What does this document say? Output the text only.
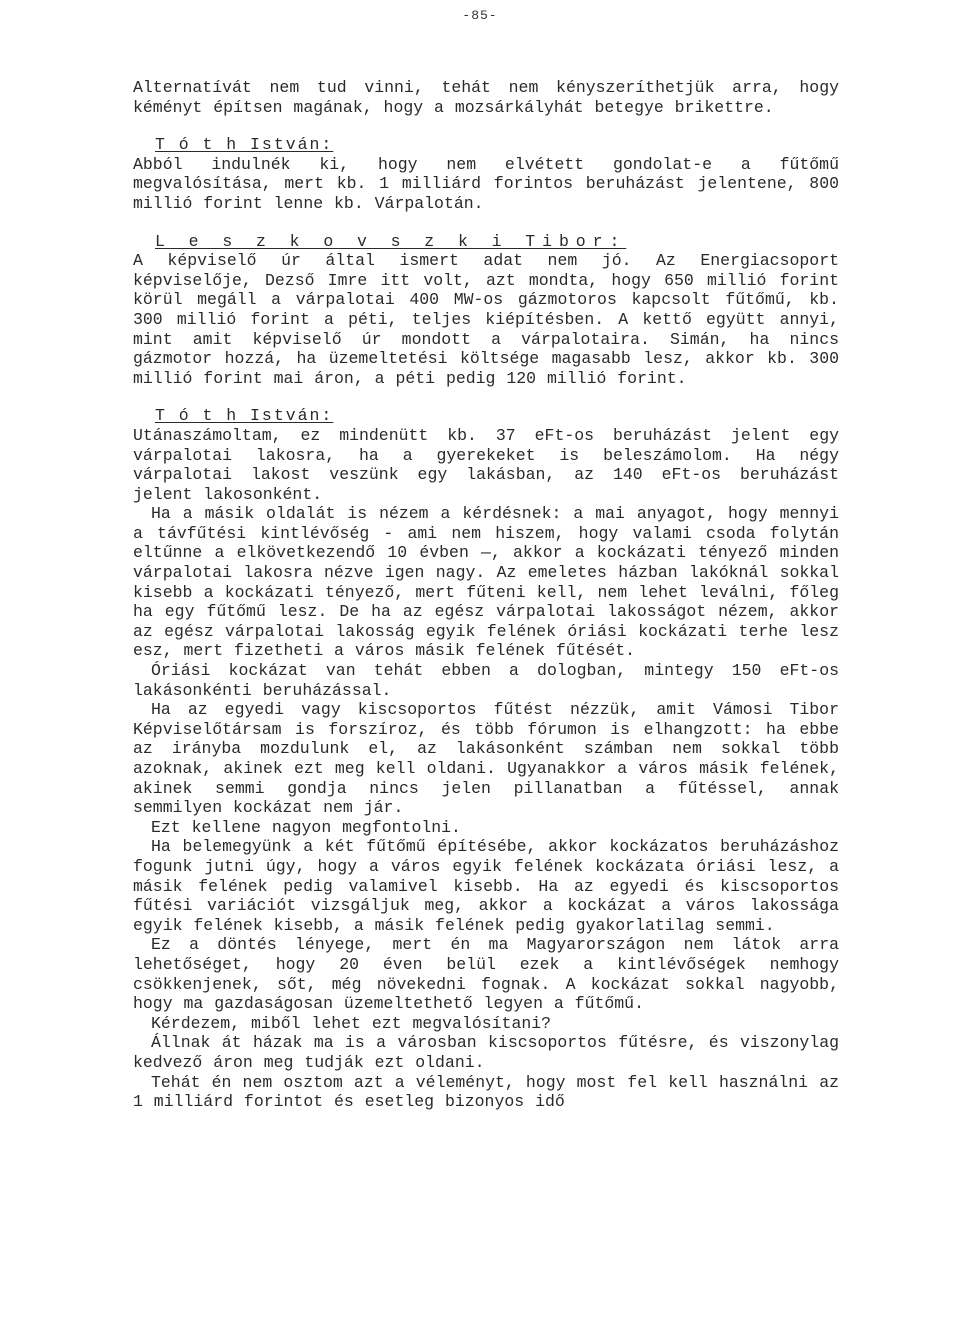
-85-

Alternatívát nem tud vinni, tehát nem kényszeríthetjük arra, hogy kéményt építsen magának, hogy a mozsárkályhát betegye brikettre.

T ó t h István:

Abból indulnék ki, hogy nem elvétett gondolat-e a fűtőmű megvalósítása, mert kb. 1 milliárd forintos beruházást jelentene, 800 millió forint lenne kb. Várpalotán.

L e s z k o v s z k i Tibor:

A képviselő úr által ismert adat nem jó. Az Energiacsoport képviselője, Dezső Imre itt volt, azt mondta, hogy 650 millió forint körül megáll a várpalotai 400 MW-os gázmotoros kapcsolt fűtőmű, kb. 300 millió forint a péti, teljes kiépítésben. A kettő együtt annyi, mint amit képviselő úr mondott a várpalotaira. Simán, ha nincs gázmotor hozzá, ha üzemeltetési költsége magasabb lesz, akkor kb. 300 millió forint mai áron, a péti pedig 120 millió forint.

T ó t h István:

Utánaszámoltam, ez mindenütt kb. 37 eFt-os beruházást jelent egy várpalotai lakosra, ha a gyerekeket is beleszámolom. Ha négy várpalotai lakost veszünk egy lakásban, az 140 eFt-os beruházást jelent lakosonként.

Ha a másik oldalát is nézem a kérdésnek: a mai anyagot, hogy mennyi a távfűtési kintlévőség - ami nem hiszem, hogy valami csoda folytán eltűnne a elkövetkezendő 10 évben —, akkor a kockázati tényező minden várpalotai lakosra nézve igen nagy. Az emeletes házban lakóknál sokkal kisebb a kockázati tényező, mert fűteni kell, nem lehet leválni, főleg ha egy fűtőmű lesz. De ha az egész várpalotai lakosságot nézem, akkor az egész várpalotai lakosság egyik felének óriási kockázati terhe lesz esz, mert fizetheti a város másik felének fűtését.

Óriási kockázat van tehát ebben a dologban, mintegy 150 eFt-os lakásonkénti beruházással.

Ha az egyedi vagy kiscsoportos fűtést nézzük, amit Vámosi Tibor Képviselőtársam is forszíroz, és több fórumon is elhangzott: ha ebbe az irányba mozdulunk el, az lakásonként számban nem sokkal több azoknak, akinek ezt meg kell oldani. Ugyanakkor a város másik felének, akinek semmi gondja nincs jelen pillanatban a fűtéssel, annak semmilyen kockázat nem jár.

Ezt kellene nagyon megfontolni.

Ha belemegyünk a két fűtőmű építésébe, akkor kockázatos beruházáshoz fogunk jutni úgy, hogy a város egyik felének kockázata óriási lesz, a másik felének pedig valamivel kisebb. Ha az egyedi és kiscsoportos fűtési variációt vizsgáljuk meg, akkor a kockázat a város lakossága egyik felének kisebb, a másik felének pedig gyakorlatilag semmi.

Ez a döntés lényege, mert én ma Magyarországon nem látok arra lehetőséget, hogy 20 éven belül ezek a kintlévőségek nemhogy csökkenjenek, sőt, még növekedni fognak. A kockázat sokkal nagyobb, hogy ma gazdaságosan üzemeltethető legyen a fűtőmű.

Kérdezem, miből lehet ezt megvalósítani?

Állnak át házak ma is a városban kiscsoportos fűtésre, és viszonylag kedvező áron meg tudják ezt oldani.

Tehát én nem osztom azt a véleményt, hogy most fel kell használni az 1 milliárd forintot és esetleg bizonyos idő
